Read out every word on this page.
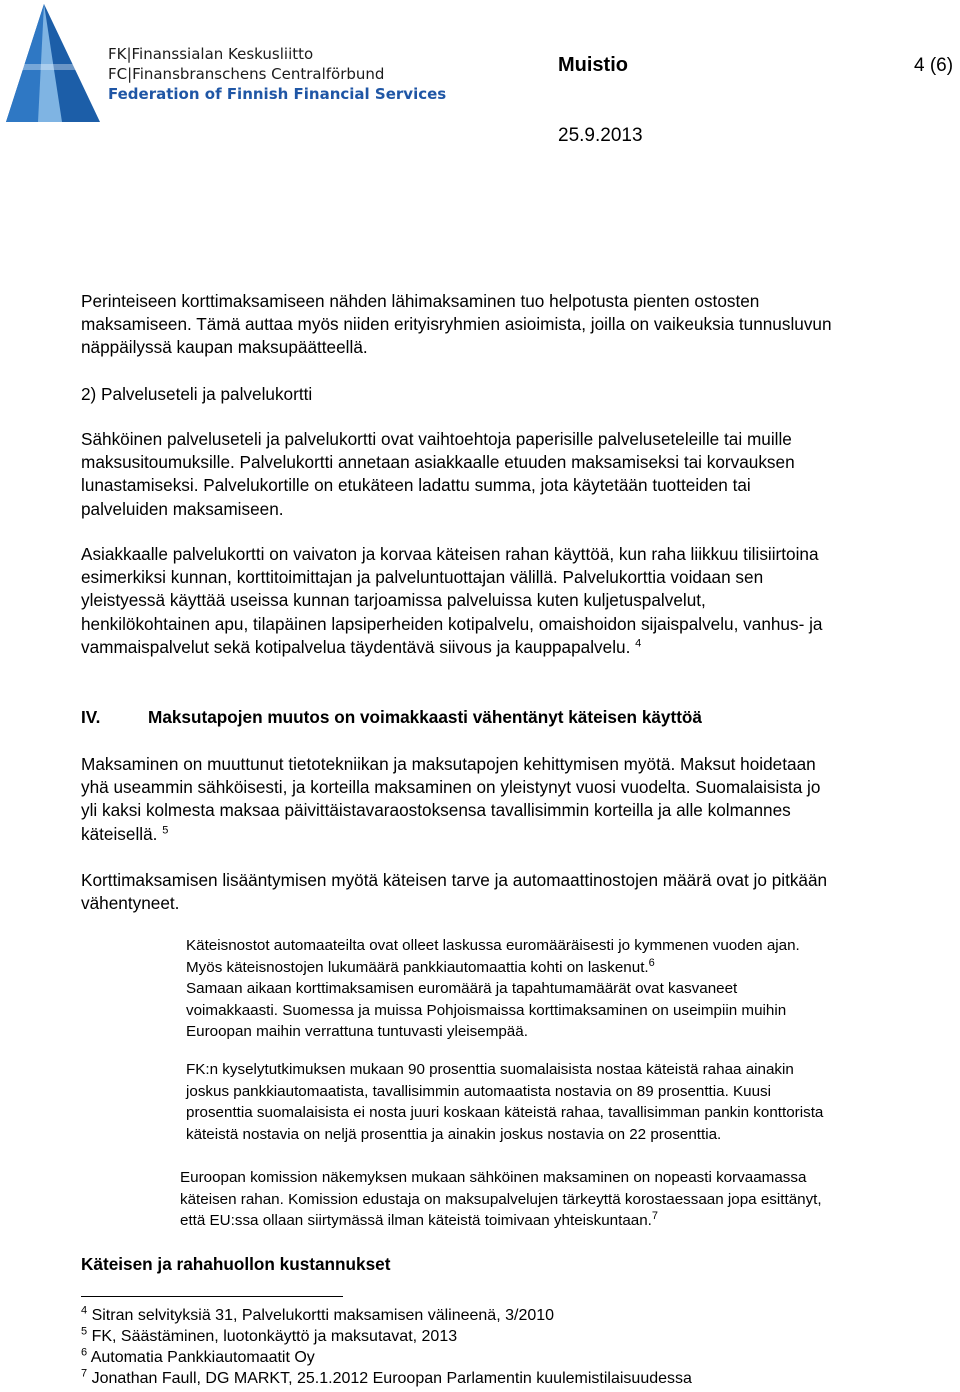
FK|Finanssialan Keskusliitto
FC|Finansbranschens Centralförbund
Federation of Finnish Financial Services
Muistio	4 (6)
25.9.2013
Perinteiseen korttimaksamiseen nähden lähimaksaminen tuo helpotusta pienten ostosten
maksamiseen. Tämä auttaa myös niiden erityisryhmien asioimista, joilla on vaikeuksia tunnusluvun
näppäilyssä kaupan maksupäätteellä.
2) Palveluseteli ja palvelukortti
Sähköinen palveluseteli ja palvelukortti ovat vaihtoehtoja paperisille palveluseteleille tai muille
maksusitoumuksille. Palvelukortti annetaan asiakkaalle etuuden maksamiseksi tai korvauksen
lunastamiseksi. Palvelukortille on etukäteen ladattu summa, jota käytetään tuotteiden tai
palveluiden maksamiseen.
Asiakkaalle palvelukortti on vaivaton ja korvaa käteisen rahan käyttöä, kun raha liikkuu tilisiirtoina
esimerkiksi kunnan, korttitoimittajan ja palveluntuottajan välillä. Palvelukorttia voidaan sen
yleistyessä käyttää useissa kunnan tarjoamissa palveluissa kuten kuljetuspalvelut,
henkilökohtainen apu, tilapäinen lapsiperheiden kotipalvelu, omaishoidon sijaispalvelu, vanhus- ja
vammaispalvelut sekä kotipalvelua täydentävä siivous ja kauppapalvelu. $^4$
IV.	Maksutapojen muutos on voimakkaasti vähentänyt käteisen käyttöä
Maksaminen on muuttunut tietotekniikan ja maksutapojen kehittymisen myötä. Maksut hoidetaan
yhä useammin sähköisesti, ja korteilla maksaminen on yleistynyt vuosi vuodelta. Suomalaisista jo
yli kaksi kolmesta maksaa päivittäistavaraostoksensa tavallisimmin korteilla ja alle kolmannes
käteisellä. $^5$
Korttimaksamisen lisääntymisen myötä käteisen tarve ja automaattinostojen määrä ovat jo pitkään
vähentyneet.
Käteisnostot automaateilta ovat olleet laskussa euromääräisesti jo kymmenen vuoden ajan.
Myös käteisnostojen lukumäärä pankkiautomaattia kohti on laskenut.$^6$
Samaan aikaan korttimaksamisen euromäärä ja tapahtumamäärät ovat kasvaneet
voimakkaasti. Suomessa ja muissa Pohjoismaissa korttimaksaminen on useimpiin muihin
Euroopan maihin verrattuna tuntuvasti yleisempää.
FK:n kyselytutkimuksen mukaan 90 prosenttia suomalaisista nostaa käteistä rahaa ainakin
joskus pankkiautomaatista, tavallisimmin automaatista nostavia on 89 prosenttia. Kuusi
prosenttia suomalaisista ei nosta juuri koskaan käteistä rahaa, tavallisimman pankin konttorista
käteistä nostavia on neljä prosenttia ja ainakin joskus nostavia on 22 prosenttia.
Euroopan komission näkemyksen mukaan sähköinen maksaminen on nopeasti korvaamassa
käteisen rahan. Komission edustaja on maksupalvelujen tärkeyttä korostaessaan jopa esittänyt,
että EU:ssa ollaan siirtymässä ilman käteistä toimivaan yhteiskuntaan.$^7$
Käteisen ja rahahuollon kustannukset
$^4$ Sitran selvityksiä 31, Palvelukortti maksamisen välineenä, 3/2010
$^5$ FK, Säästäminen, luotonkäyttö ja maksutavat, 2013
$^6$ Automatia Pankkiautomaatit Oy
$^7$ Jonathan Faull, DG MARKT, 25.1.2012 Euroopan Parlamentin kuulemistilaisuudessa
